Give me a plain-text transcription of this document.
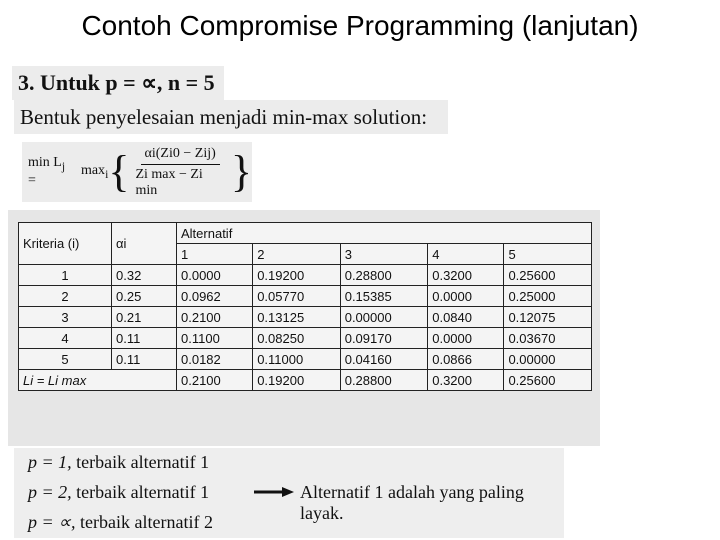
Contoh Compromise Programming (lanjutan)
3. Untuk p = ∝, n = 5
Bentuk penyelesaian menjadi min-max solution:
$\min L_j$ =
$\max_i$ { $\frac{\text{αi(Zi0 − Zij)}}{\text{Zi max − Zi min}}$ }
Kriteria (i)	αi	Alternatif				
		1	2	3	4	5
1	0.32	0.0000	0.19200	0.28800	0.3200	0.25600
2	0.25	0.0962	0.05770	0.15385	0.0000	0.25000
3	0.21	0.2100	0.13125	0.00000	0.0840	0.12075
4	0.11	0.1100	0.08250	0.09170	0.0000	0.03670
5	0.11	0.0182	0.11000	0.04160	0.0866	0.00000
Li = Li max		0.2100	0.19200	0.28800	0.3200	0.25600
p = 1, terbaik alternatif 1
p = 2, terbaik alternatif 1
p = ∝, terbaik alternatif 2
Alternatif 1 adalah yang paling layak.
